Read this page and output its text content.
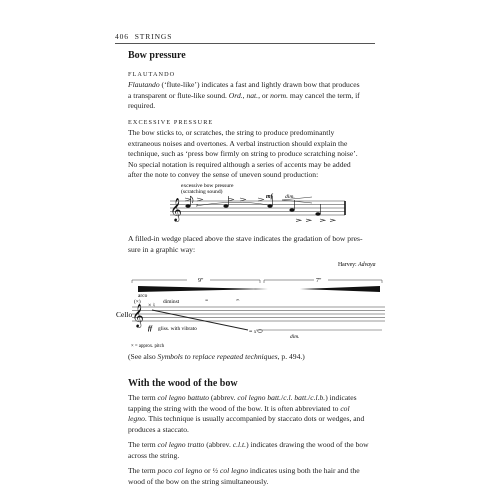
406 STRINGS
Bow pressure
FLAUTANDO

Flautando (‘flute-like’) indicates a fast and lightly drawn bow that produces
a transparent or flute-like sound. Ord., nat., or norm. may cancel the term, if
required.

EXCESSIVE PRESSURE

The bow sticks to, or scratches, the string to produce predominantly
extraneous noises and overtones. A verbal instruction should explain the
technique, such as ‘press bow firmly on string to produce scratching noise’.
No special notation is required although a series of accents may be added
after the note to convey the sense of uneven sound production:

excessive bow pressure
(scratching sound)
𝄞	7
mf dim.

A filled-in wedge placed above the stave indicates the gradation of bow pres-
sure in a graphic way:

Harvey: Advaya
9″	7″
arco
(×)	diminst	≡	𝄐
Cello 𝄞 × ♮
≡ x
ff gliss. with vibrato
dim.
× = approx. pitch

(See also Symbols to replace repeated techniques, p. 494.)

With the wood of the bow

The term col legno battuto (abbrev. col legno batt./c.l. batt./c.l.b.) indicates
tapping the string with the wood of the bow. It is often abbreviated to col
legno. This technique is usually accompanied by staccato dots or wedges, and
produces a staccato.

The term col legno tratto (abbrev. c.l.t.) indicates drawing the wood of the bow
across the string.

The term poco col legno or ½ col legno indicates using both the hair and the
wood of the bow on the string simultaneously.
